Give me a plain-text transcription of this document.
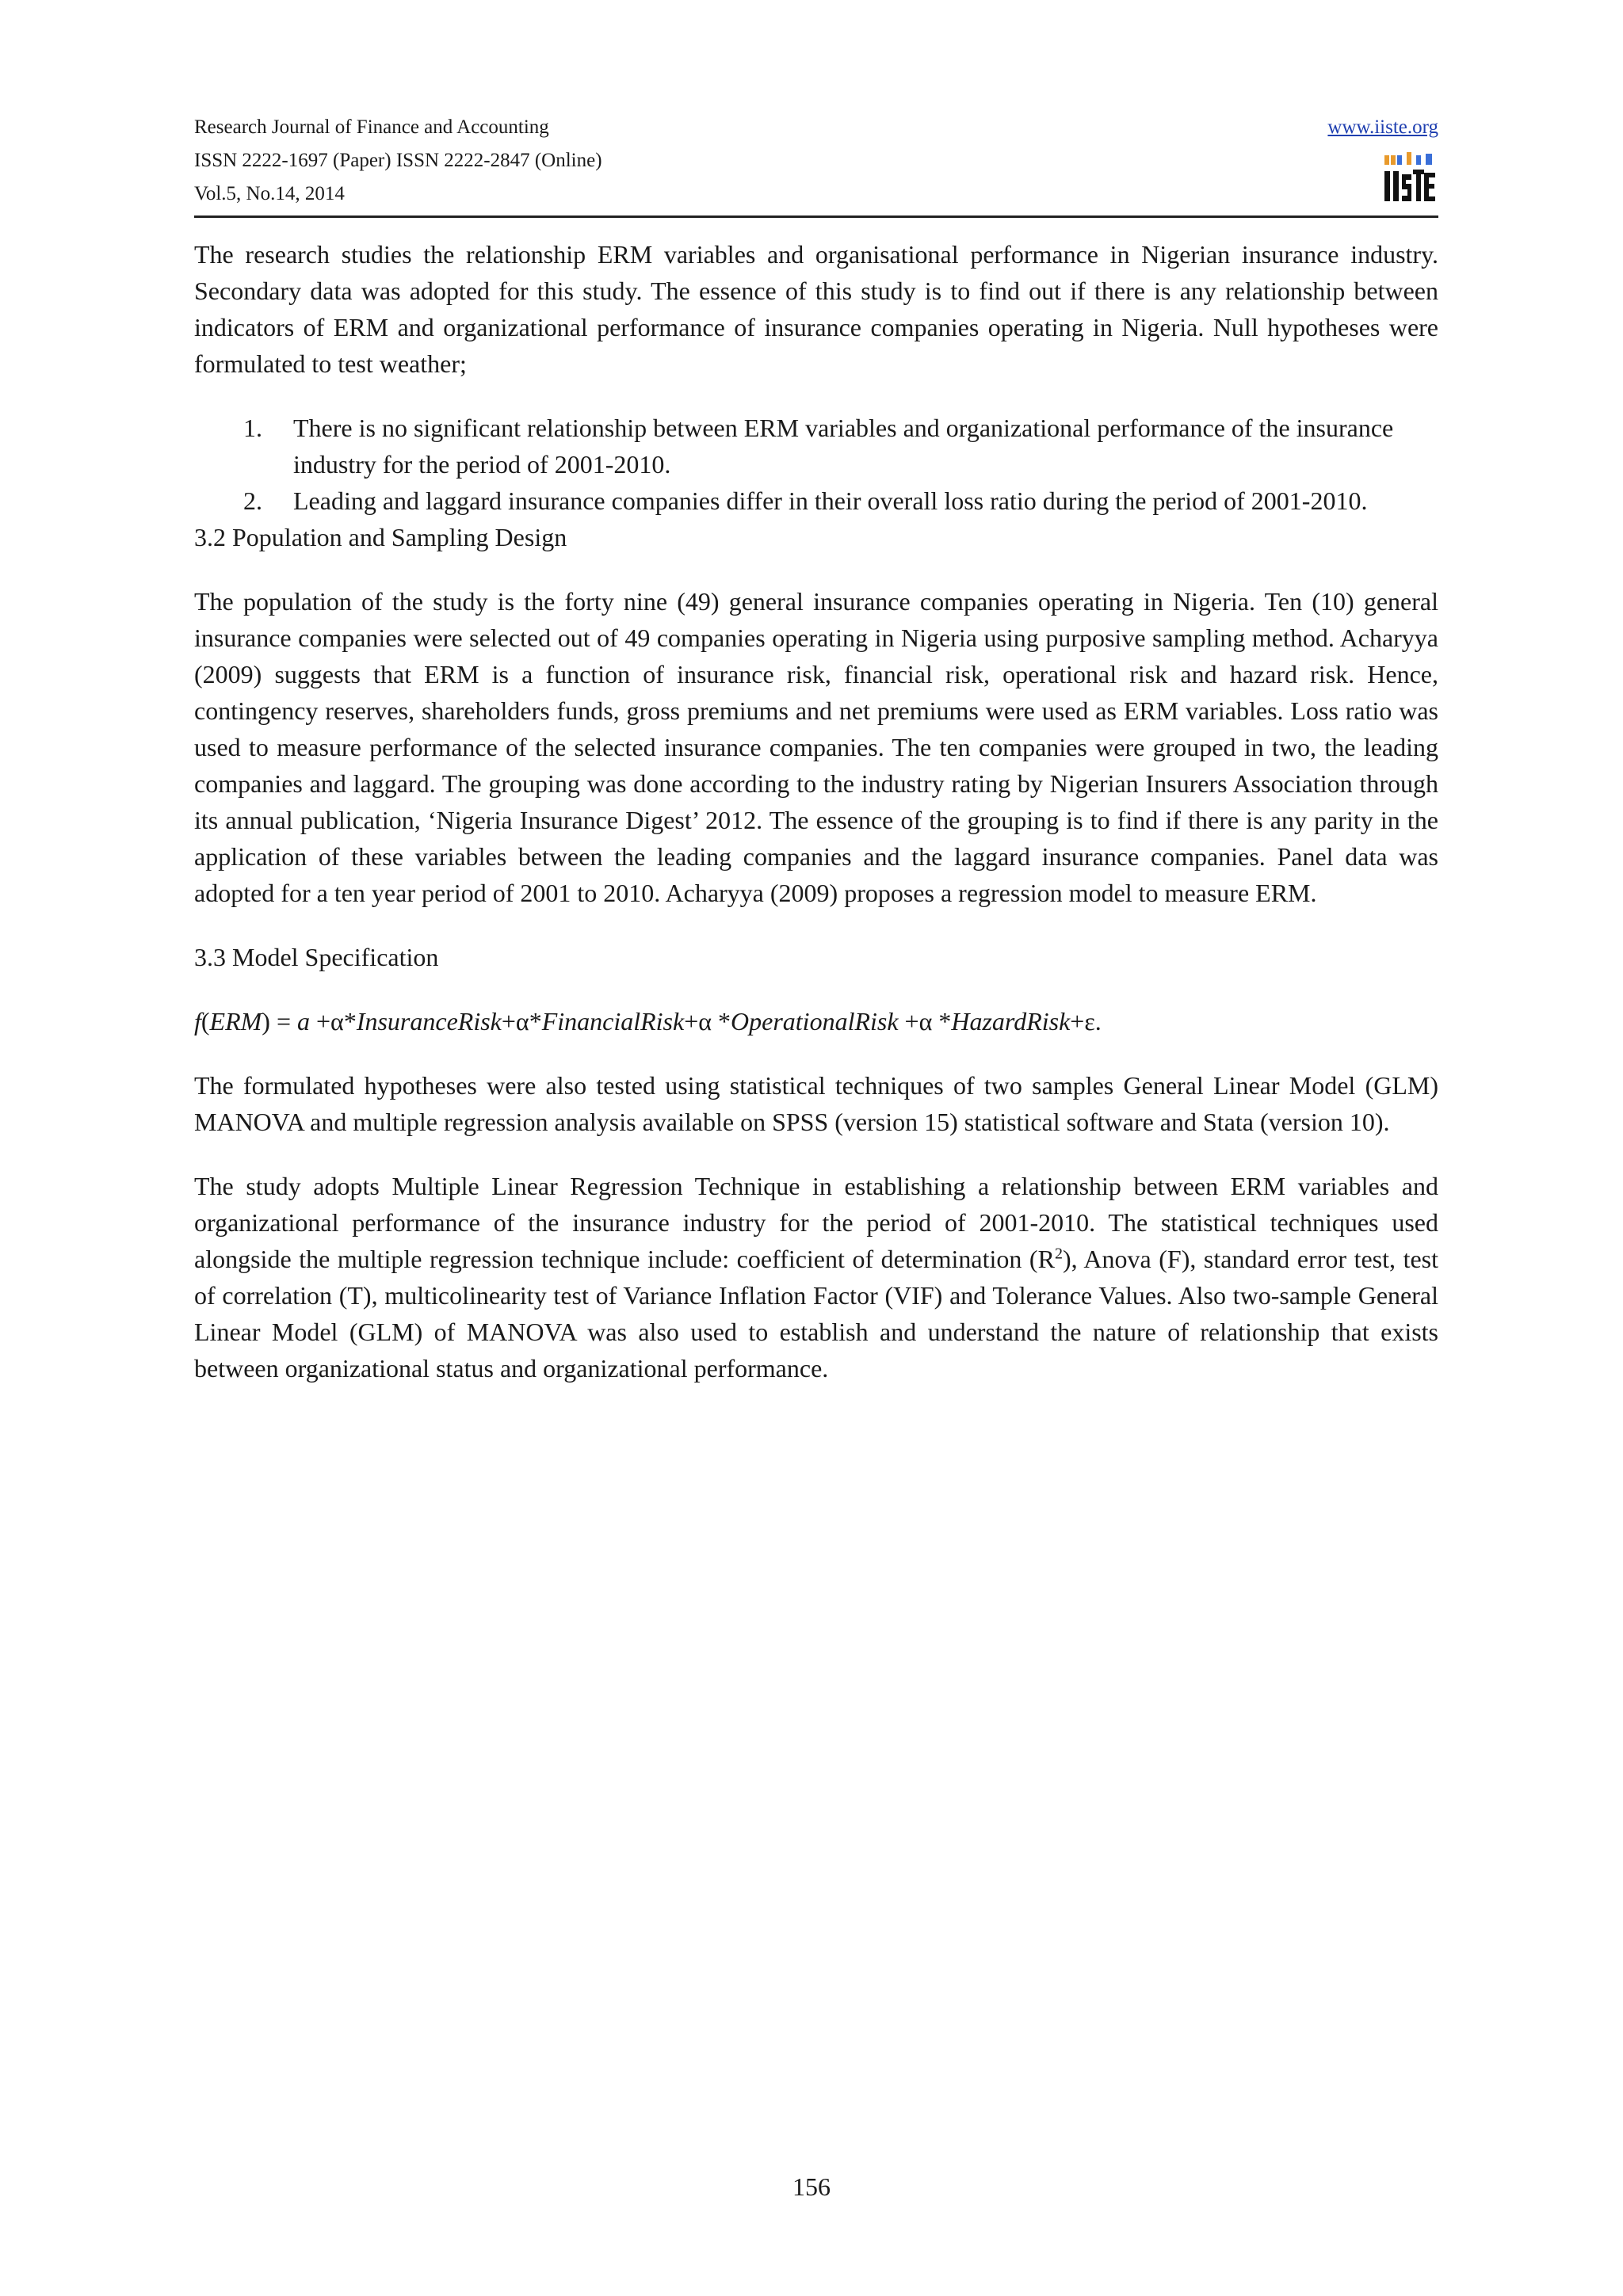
Research Journal of Finance and Accounting
ISSN 2222-1697 (Paper) ISSN 2222-2847 (Online)
Vol.5, No.14, 2014
www.iiste.org

The research studies the relationship ERM variables and organisational performance in Nigerian insurance industry. Secondary data was adopted for this study. The essence of this study is to find out if there is any relationship between indicators of ERM and organizational performance of insurance companies operating in Nigeria. Null hypotheses were formulated to test weather;

1. There is no significant relationship between ERM variables and organizational performance of the insurance industry for the period of 2001-2010.
2. Leading and laggard insurance companies differ in their overall loss ratio during the period of 2001-2010.

3.2 Population and Sampling Design

The population of the study is the forty nine (49) general insurance companies operating in Nigeria. Ten (10) general insurance companies were selected out of 49 companies operating in Nigeria using purposive sampling method. Acharyya (2009) suggests that ERM is a function of insurance risk, financial risk, operational risk and hazard risk. Hence, contingency reserves, shareholders funds, gross premiums and net premiums were used as ERM variables. Loss ratio was used to measure performance of the selected insurance companies. The ten companies were grouped in two, the leading companies and laggard. The grouping was done according to the industry rating by Nigerian Insurers Association through its annual publication, ‘Nigeria Insurance Digest’ 2012. The essence of the grouping is to find if there is any parity in the application of these variables between the leading companies and the laggard insurance companies. Panel data was adopted for a ten year period of 2001 to 2010. Acharyya (2009) proposes a regression model to measure ERM.

3.3 Model Specification

f(ERM) = a +α*InsuranceRisk+α*FinancialRisk+α *OperationalRisk +α *HazardRisk+ε.

The formulated hypotheses were also tested using statistical techniques of two samples General Linear Model (GLM) MANOVA and multiple regression analysis available on SPSS (version 15) statistical software and Stata (version 10).

The study adopts Multiple Linear Regression Technique in establishing a relationship between ERM variables and organizational performance of the insurance industry for the period of 2001-2010. The statistical techniques used alongside the multiple regression technique include: coefficient of determination $(R^2)$, Anova (F), standard error test, test of correlation (T), multicolinearity test of Variance Inflation Factor (VIF) and Tolerance Values. Also two-sample General Linear Model (GLM) of MANOVA was also used to establish and understand the nature of relationship that exists between organizational status and organizational performance.

156
